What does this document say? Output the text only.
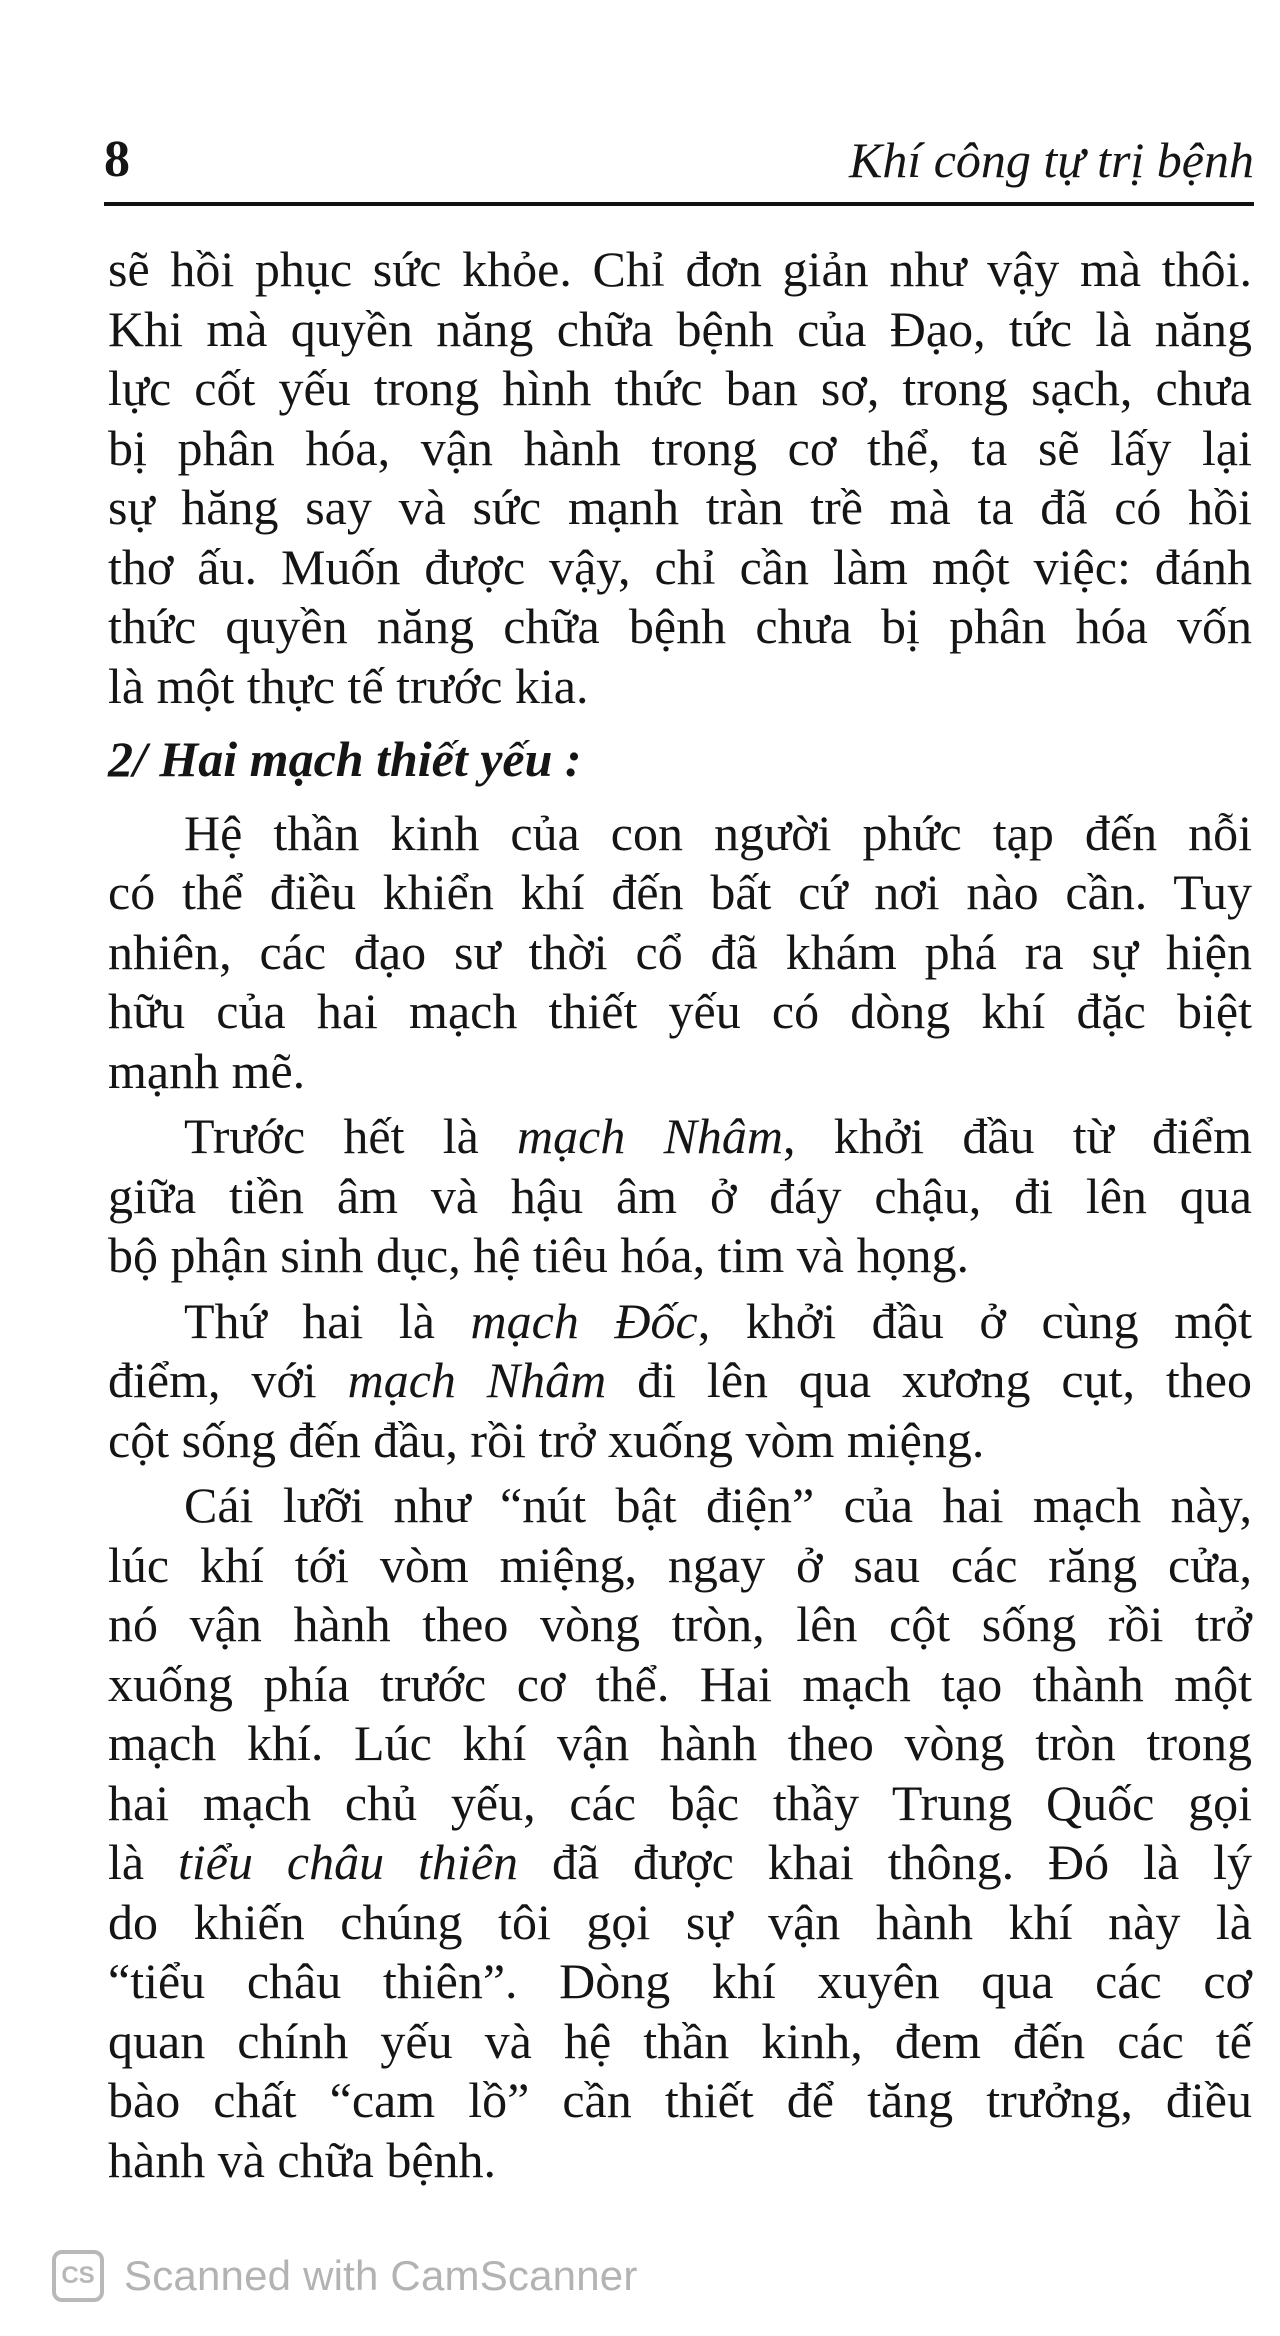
8	Khí công tự trị bệnh
sẽ hồi phục sức khỏe. Chỉ đơn giản như vậy mà thôi.
Khi mà quyền năng chữa bệnh của Đạo, tức là năng
lực cốt yếu trong hình thức ban sơ, trong sạch, chưa
bị phân hóa, vận hành trong cơ thể, ta sẽ lấy lại
sự hăng say và sức mạnh tràn trề mà ta đã có hồi
thơ ấu. Muốn được vậy, chỉ cần làm một việc: đánh
thức quyền năng chữa bệnh chưa bị phân hóa vốn
là một thực tế trước kia.
2/ Hai mạch thiết yếu :
Hệ thần kinh của con người phức tạp đến nỗi
có thể điều khiển khí đến bất cứ nơi nào cần. Tuy
nhiên, các đạo sư thời cổ đã khám phá ra sự hiện
hữu của hai mạch thiết yếu có dòng khí đặc biệt
mạnh mẽ.
Trước hết là mạch Nhâm, khởi đầu từ điểm
giữa tiền âm và hậu âm ở đáy chậu, đi lên qua
bộ phận sinh dục, hệ tiêu hóa, tim và họng.
Thứ hai là mạch Đốc, khởi đầu ở cùng một
điểm, với mạch Nhâm đi lên qua xương cụt, theo
cột sống đến đầu, rồi trở xuống vòm miệng.
Cái lưỡi như “nút bật điện” của hai mạch này,
lúc khí tới vòm miệng, ngay ở sau các răng cửa,
nó vận hành theo vòng tròn, lên cột sống rồi trở
xuống phía trước cơ thể. Hai mạch tạo thành một
mạch khí. Lúc khí vận hành theo vòng tròn trong
hai mạch chủ yếu, các bậc thầy Trung Quốc gọi
là tiểu châu thiên đã được khai thông. Đó là lý
do khiến chúng tôi gọi sự vận hành khí này là
“tiểu châu thiên”. Dòng khí xuyên qua các cơ
quan chính yếu và hệ thần kinh, đem đến các tế
bào chất “cam lồ” cần thiết để tăng trưởng, điều
hành và chữa bệnh.
CS Scanned with CamScanner
